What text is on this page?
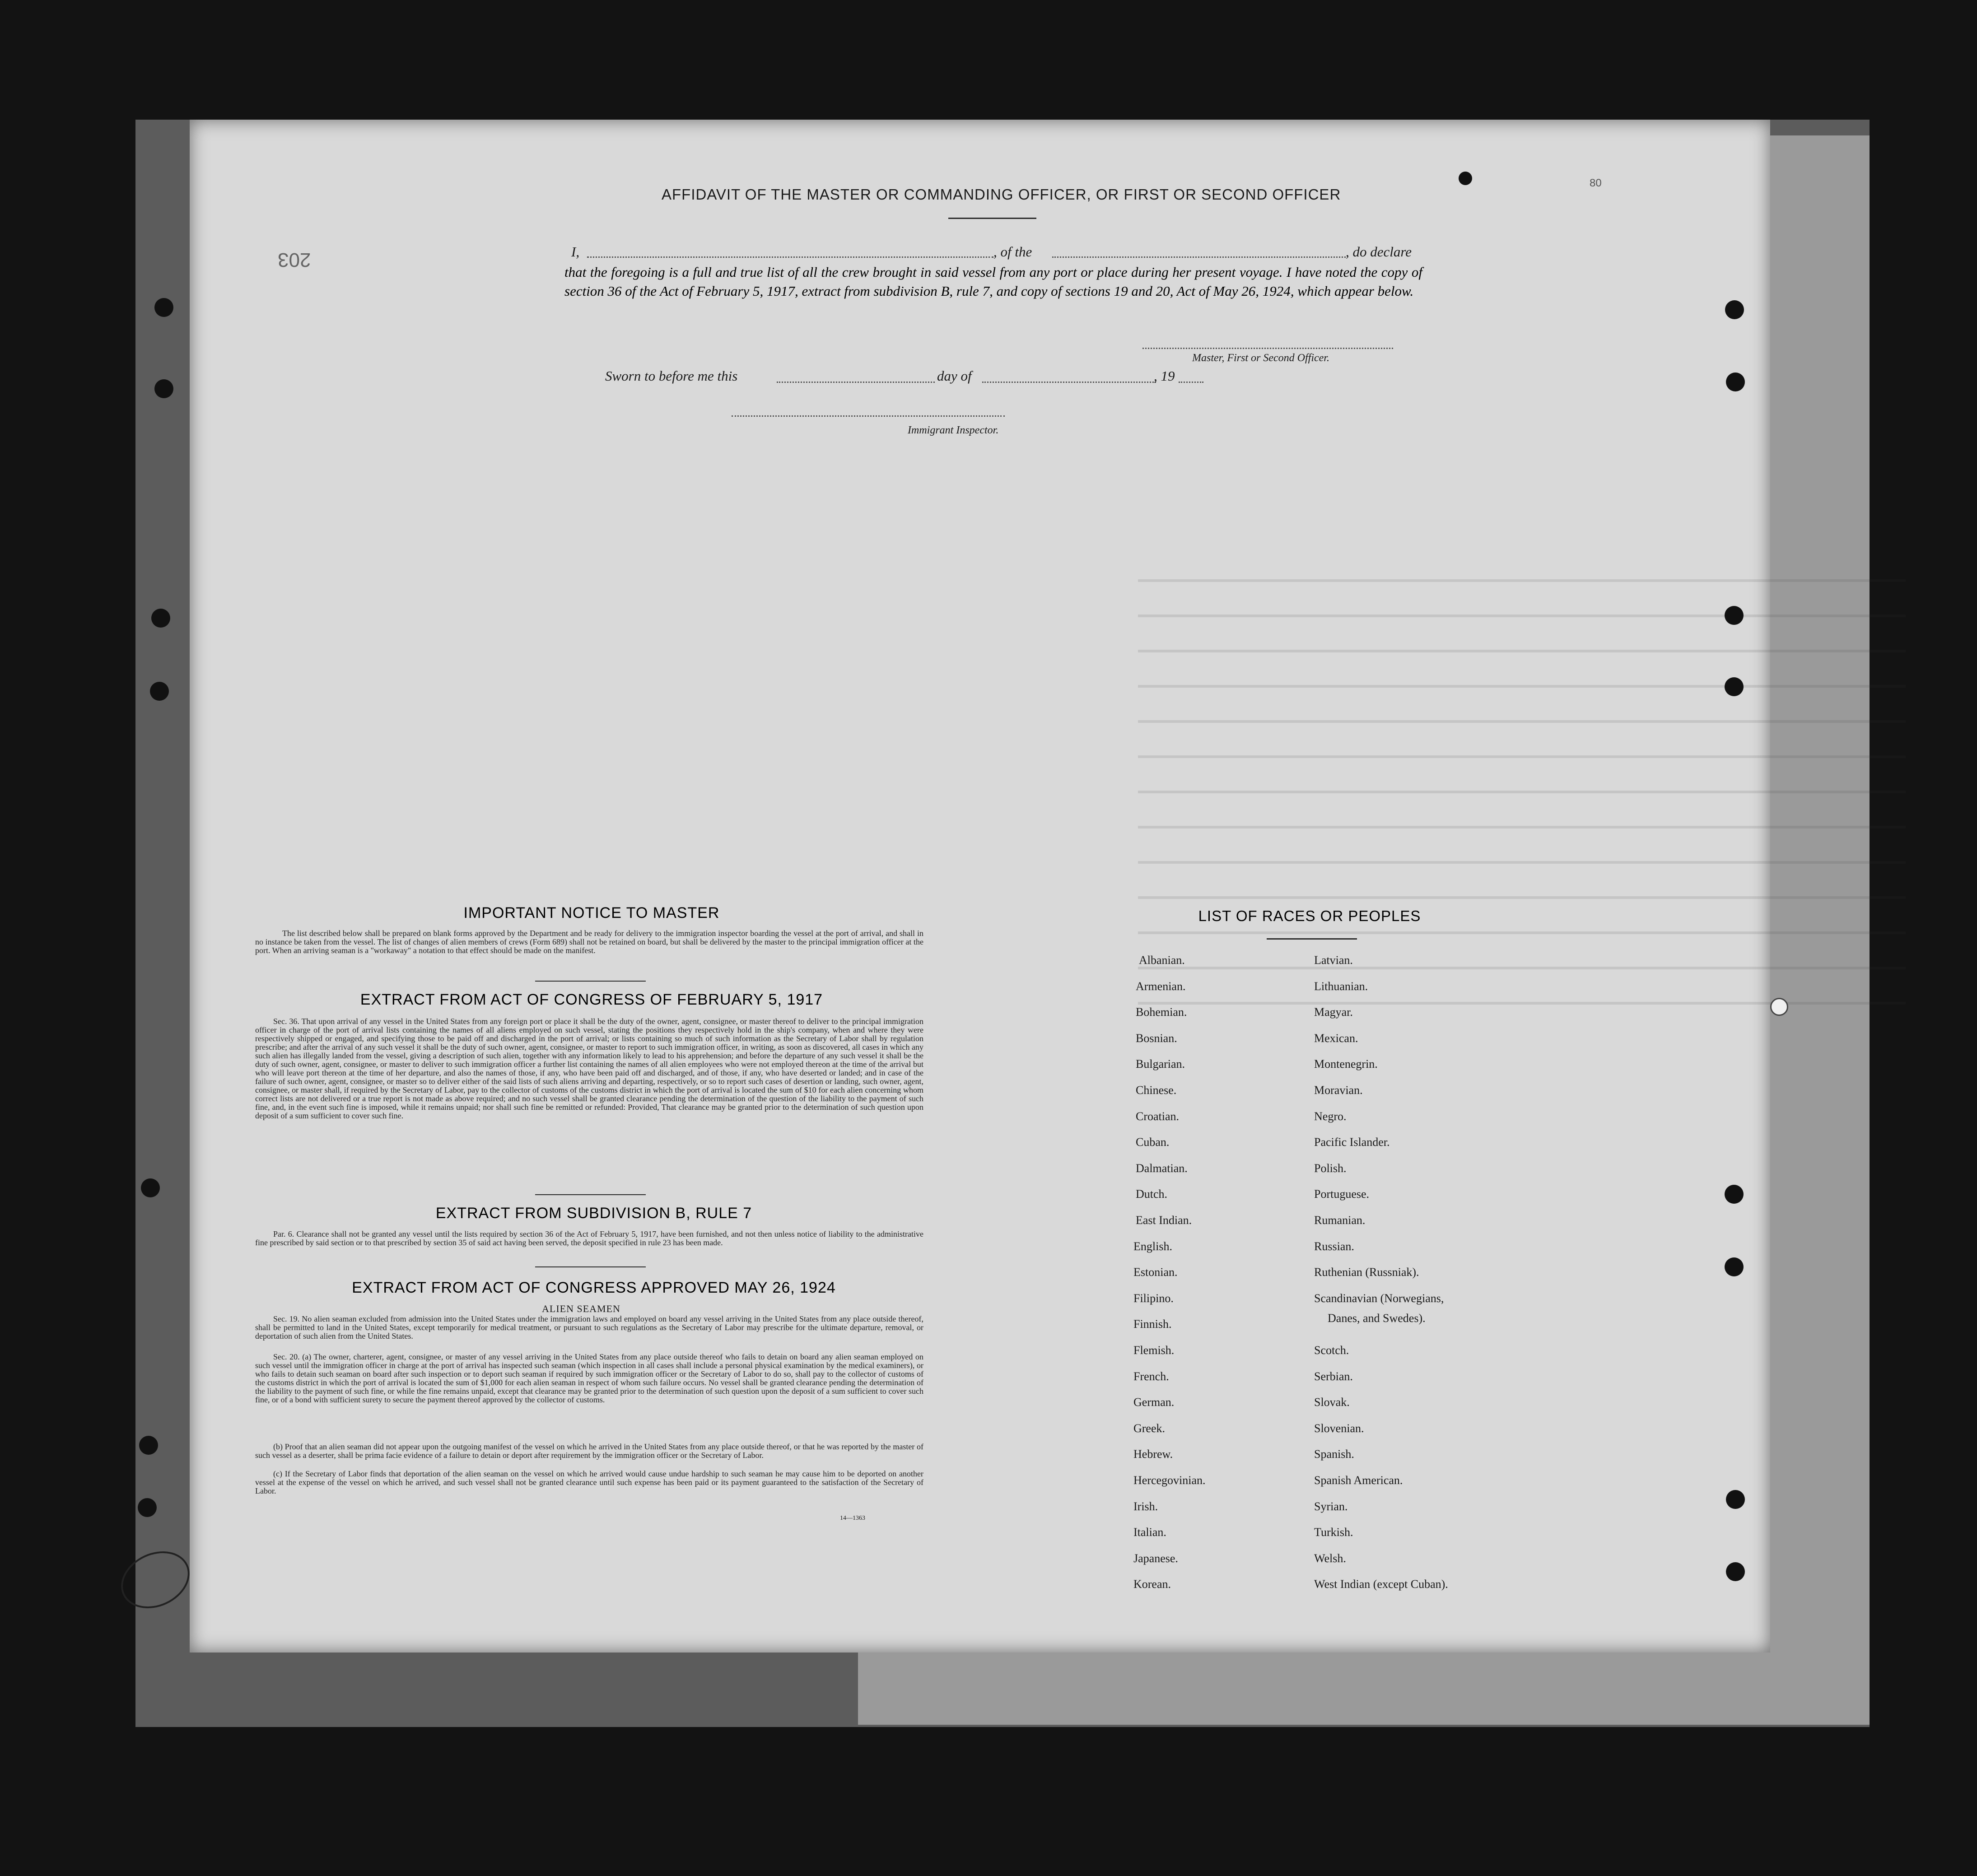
203
80
AFFIDAVIT OF THE MASTER OR COMMANDING OFFICER, OR FIRST OR SECOND OFFICER
I,	, of the	, do declare
that the foregoing is a full and true list of all the crew brought in said vessel from any port or place during her present voyage. I have noted the copy of section 36 of the Act of February 5, 1917, extract from subdivision B, rule 7, and copy of sections 19 and 20, Act of May 26, 1924, which appear below.
Master, First or Second Officer.
Sworn to before me this	day of	, 19
Immigrant Inspector.
IMPORTANT NOTICE TO MASTER
The list described below shall be prepared on blank forms approved by the Department and be ready for delivery to the immigration inspector boarding the vessel at the port of arrival, and shall in no instance be taken from the vessel. The list of changes of alien members of crews (Form 689) shall not be retained on board, but shall be delivered by the master to the principal immigration officer at the port. When an arriving seaman is a "workaway" a notation to that effect should be made on the manifest.
EXTRACT FROM ACT OF CONGRESS OF FEBRUARY 5, 1917
Sec. 36. That upon arrival of any vessel in the United States from any foreign port or place it shall be the duty of the owner, agent, consignee, or master thereof to deliver to the principal immigration officer in charge of the port of arrival lists containing the names of all aliens employed on such vessel, stating the positions they respectively hold in the ship's company, when and where they were respectively shipped or engaged, and specifying those to be paid off and discharged in the port of arrival; or lists containing so much of such information as the Secretary of Labor shall by regulation prescribe; and after the arrival of any such vessel it shall be the duty of such owner, agent, consignee, or master to report to such immigration officer, in writing, as soon as discovered, all cases in which any such alien has illegally landed from the vessel, giving a description of such alien, together with any information likely to lead to his apprehension; and before the departure of any such vessel it shall be the duty of such owner, agent, consignee, or master to deliver to such immigration officer a further list containing the names of all alien employees who were not employed thereon at the time of the arrival but who will leave port thereon at the time of her departure, and also the names of those, if any, who have been paid off and discharged, and of those, if any, who have deserted or landed; and in case of the failure of such owner, agent, consignee, or master so to deliver either of the said lists of such aliens arriving and departing, respectively, or so to report such cases of desertion or landing, such owner, agent, consignee, or master shall, if required by the Secretary of Labor, pay to the collector of customs of the customs district in which the port of arrival is located the sum of $10 for each alien concerning whom correct lists are not delivered or a true report is not made as above required; and no such vessel shall be granted clearance pending the determination of the question of the liability to the payment of such fine, and, in the event such fine is imposed, while it remains unpaid; nor shall such fine be remitted or refunded: Provided, That clearance may be granted prior to the determination of such question upon deposit of a sum sufficient to cover such fine.
EXTRACT FROM SUBDIVISION B, RULE 7
Par. 6. Clearance shall not be granted any vessel until the lists required by section 36 of the Act of February 5, 1917, have been furnished, and not then unless notice of liability to the administrative fine prescribed by said section or to that prescribed by section 35 of said act having been served, the deposit specified in rule 23 has been made.
EXTRACT FROM ACT OF CONGRESS APPROVED MAY 26, 1924
ALIEN SEAMEN
Sec. 19. No alien seaman excluded from admission into the United States under the immigration laws and employed on board any vessel arriving in the United States from any place outside thereof, shall be permitted to land in the United States, except temporarily for medical treatment, or pursuant to such regulations as the Secretary of Labor may prescribe for the ultimate departure, removal, or deportation of such alien from the United States.
Sec. 20. (a) The owner, charterer, agent, consignee, or master of any vessel arriving in the United States from any place outside thereof who fails to detain on board any alien seaman employed on such vessel until the immigration officer in charge at the port of arrival has inspected such seaman (which inspection in all cases shall include a personal physical examination by the medical examiners), or who fails to detain such seaman on board after such inspection or to deport such seaman if required by such immigration officer or the Secretary of Labor to do so, shall pay to the collector of customs of the customs district in which the port of arrival is located the sum of $1,000 for each alien seaman in respect of whom such failure occurs. No vessel shall be granted clearance pending the determination of the liability to the payment of such fine, or while the fine remains unpaid, except that clearance may be granted prior to the determination of such question upon the deposit of a sum sufficient to cover such fine, or of a bond with sufficient surety to secure the payment thereof approved by the collector of customs.
(b) Proof that an alien seaman did not appear upon the outgoing manifest of the vessel on which he arrived in the United States from any place outside thereof, or that he was reported by the master of such vessel as a deserter, shall be prima facie evidence of a failure to detain or deport after requirement by the immigration officer or the Secretary of Labor.
(c) If the Secretary of Labor finds that deportation of the alien seaman on the vessel on which he arrived would cause undue hardship to such seaman he may cause him to be deported on another vessel at the expense of the vessel on which he arrived, and such vessel shall not be granted clearance until such expense has been paid or its payment guaranteed to the satisfaction of the Secretary of Labor.
14—1363
LIST OF RACES OR PEOPLES
Albanian.
Armenian.
Bohemian.
Bosnian.
Bulgarian.
Chinese.
Croatian.
Cuban.
Dalmatian.
Dutch.
East Indian.
English.
Estonian.
Filipino.
Finnish.
Flemish.
French.
German.
Greek.
Hebrew.
Hercegovinian.
Irish.
Italian.
Japanese.
Korean.
Latvian.
Lithuanian.
Magyar.
Mexican.
Montenegrin.
Moravian.
Negro.
Pacific Islander.
Polish.
Portuguese.
Rumanian.
Russian.
Ruthenian (Russniak).
Scandinavian (Norwegians,
Scotch.
Serbian.
Slovak.
Slovenian.
Spanish.
Spanish American.
Syrian.
Turkish.
Welsh.
West Indian (except Cuban).
Danes, and Swedes).
